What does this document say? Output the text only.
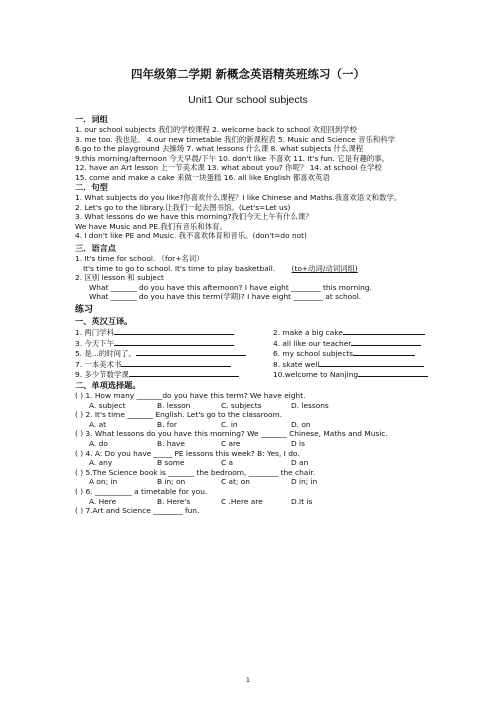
四年级第二学期 新概念英语精英班练习（一）
Unit1 Our school subjects
一．词组
1. our school subjects 我们的学校课程 2. welcome back to school 欢迎回到学校
3. me too. 我也是。 4.our new timetable 我们的新课程表 5. Music and Science 音乐和科学
6.go to the playground 去操场 7. what lessons 什么课 8. what subjects 什么课程
9.this morning/afternoon 今天早晨/下午 10. don't like 不喜欢 11. It's fun. 它是有趣的事。
12. have an Art lesson 上一节美术课 13. what about you? 你呢？ 14. at school 在学校
15. come and make a cake 来做一块蛋糕 16. all like English 都喜欢英语
二．句型
1. What subjects do you like?你喜欢什么课程？I like Chinese and Maths.我喜欢语文和数学。
2. Let's go to the library.让我们一起去图书馆。(Let's=Let us)
3. What lessons do we have this morning?我们今天上午有什么课？
We have Music and PE.我们有音乐和体育。
4. I don't like PE and Music. 我不喜欢体育和音乐。(don't=do not)
三．语言点
1. It's time for school. （for+名词）
It's time to go to school. It's time to play basketball. (to+动词/动词词组)
2. 区别 lesson 和 subject
What _______ do you have this afternoon? I have eight ________ this morning.
What _______ do you have this term(学期)? I have eight ________ at school.
练习
一、英汉互译。
1. 两门学科	2. make a big cake
3. 今天下午	4. all like our teacher
5. 是...的时间了。	6. my school subjects
7. 一本美术书	8. skate well
9. 多少节数学课	10.welcome to Nanjing
二、单项选择题。
( ) 1. How many _______do you have this term? We have eight.
A. subject	B. lesson	C. subjects	D. lessons
( ) 2. It's time _______ English. Let's go to the classroom.
A. at	B. for	C. in	D. on
( ) 3. What lessons do you have this morning? We _______ Chinese, Maths and Music.
A. do	B. have	C are	D is
( ) 4. A: Do you have _____ PE lessons this week? B: Yes, I do.
A. any	B some	C a	D an
( ) 5.The Science book is _______ the bedroom, ________ the chair.
A on; in	B in; on	C at; on	D in; in
( ) 6. __________ a timetable for you.
A. Here	B. Here's	C .Here are	D.It is
( ) 7.Art and Science ________ fun.
1
